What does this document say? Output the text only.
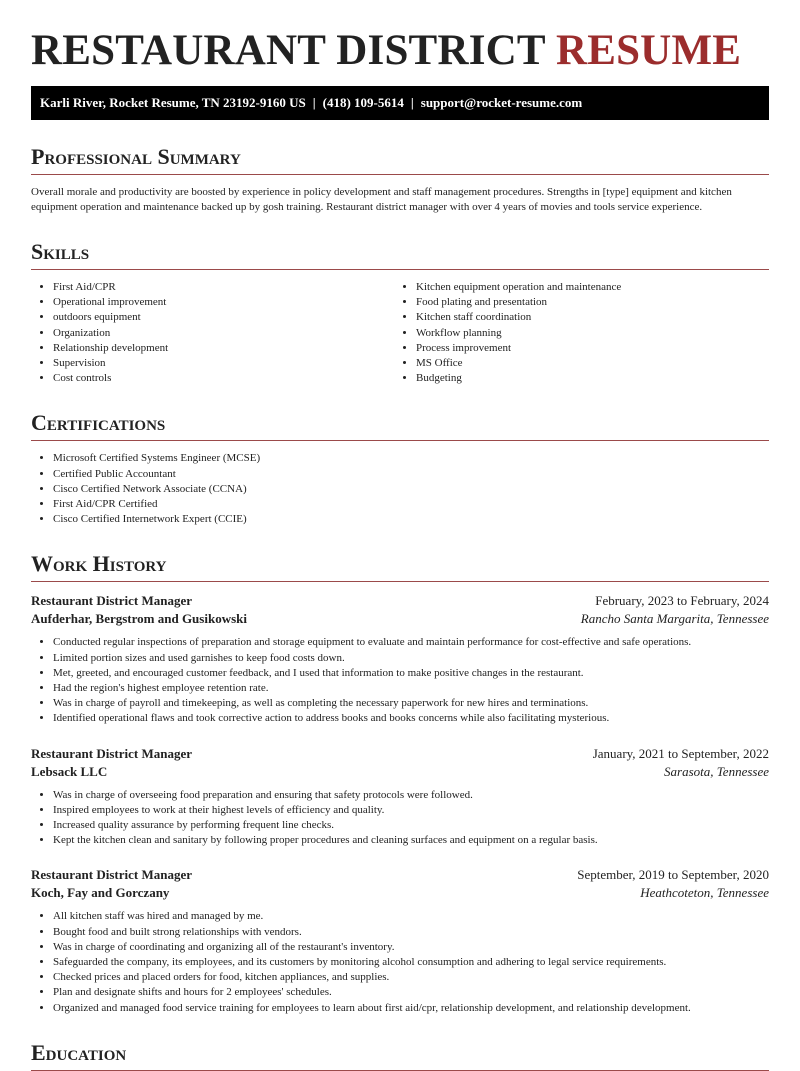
RESTAURANT DISTRICT RESUME
Karli River, Rocket Resume, TN 23192-9160 US | (418) 109-5614 | support@rocket-resume.com
Professional Summary

Overall morale and productivity are boosted by experience in policy development and staff management procedures. Strengths in [type] equipment and kitchen equipment operation and maintenance backed up by gosh training. Restaurant district manager with over 4 years of movies and tools service experience.

Skills
• First Aid/CPR
• Operational improvement
• outdoors equipment
• Organization
• Relationship development
• Supervision
• Cost controls
• Kitchen equipment operation and maintenance
• Food plating and presentation
• Kitchen staff coordination
• Workflow planning
• Process improvement
• MS Office
• Budgeting
Certifications
• Microsoft Certified Systems Engineer (MCSE)
• Certified Public Accountant
• Cisco Certified Network Associate (CCNA)
• First Aid/CPR Certified
• Cisco Certified Internetwork Expert (CCIE)
Work History
Restaurant District Manager	February, 2023 to February, 2024
Aufderhar, Bergstrom and Gusikowski	Rancho Santa Margarita, Tennessee
• Conducted regular inspections of preparation and storage equipment to evaluate and maintain performance for cost-effective and safe operations.
• Limited portion sizes and used garnishes to keep food costs down.
• Met, greeted, and encouraged customer feedback, and I used that information to make positive changes in the restaurant.
• Had the region's highest employee retention rate.
• Was in charge of payroll and timekeeping, as well as completing the necessary paperwork for new hires and terminations.
• Identified operational flaws and took corrective action to address books and books concerns while also facilitating mysterious.
Restaurant District Manager	January, 2021 to September, 2022
Lebsack LLC	Sarasota, Tennessee
• Was in charge of overseeing food preparation and ensuring that safety protocols were followed.
• Inspired employees to work at their highest levels of efficiency and quality.
• Increased quality assurance by performing frequent line checks.
• Kept the kitchen clean and sanitary by following proper procedures and cleaning surfaces and equipment on a regular basis.
Restaurant District Manager	September, 2019 to September, 2020
Koch, Fay and Gorczany	Heathcoteton, Tennessee
• All kitchen staff was hired and managed by me.
• Bought food and built strong relationships with vendors.
• Was in charge of coordinating and organizing all of the restaurant's inventory.
• Safeguarded the company, its employees, and its customers by monitoring alcohol consumption and adhering to legal service requirements.
• Checked prices and placed orders for food, kitchen appliances, and supplies.
• Plan and designate shifts and hours for 2 employees' schedules.
• Organized and managed food service training for employees to learn about first aid/cpr, relationship development, and relationship development.
Education
